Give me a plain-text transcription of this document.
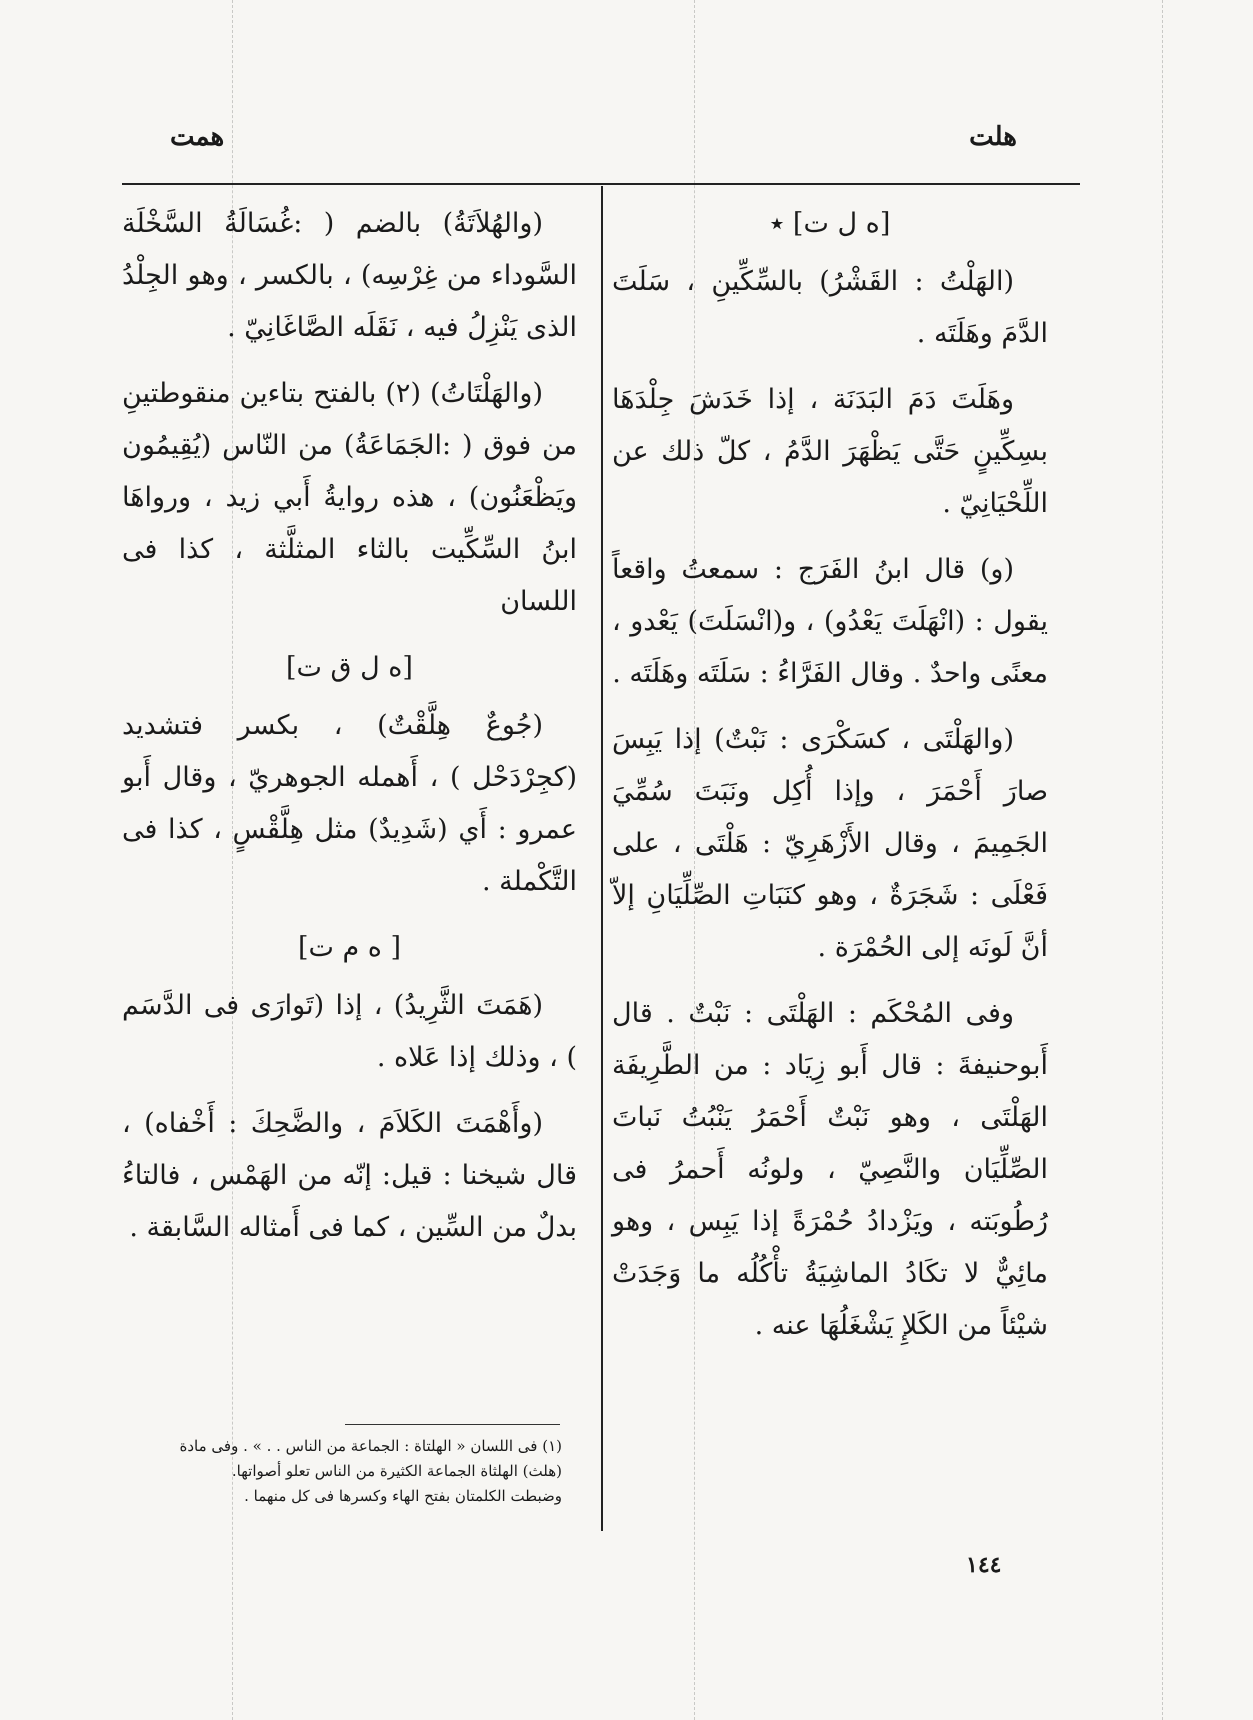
هلت
همت
[ه ل ت] ٭

(الهَلْتُ : القَشْرُ) بالسِّكِّينِ ، سَلَتَ الدَّمَ وهَلَتَه .

وهَلَتَ دَمَ البَدَنَة ، إذا خَدَشَ جِلْدَهَا بسِكِّينٍ حَتَّى يَظْهَرَ الدَّمُ ، كلّ ذلك عن اللِّحْيَانِيّ .

(و) قال ابنُ الفَرَج : سمعتُ واقعاً يقول : (انْهَلَتَ يَعْدُو) ، و(انْسَلَتَ) يَعْدو ، معنًى واحدٌ . وقال الفَرَّاءُ : سَلَتَه وهَلَتَه .

(والهَلْتَى ، كسَكْرَى : نَبْتٌ) إذا يَبِسَ صارَ أَحْمَرَ ، وإذا أُكِل ونَبَتَ سُمِّيَ الجَمِيمَ ، وقال الأَزْهَرِيّ : هَلْتَى ، على فَعْلَى : شَجَرَةٌ ، وهو كنَبَاتِ الصِّلِّيَانِ إلاّ أنَّ لَونَه إلى الحُمْرَة .

وفى المُحْكَم : الهَلْتَى : نَبْتٌ . قال أَبوحنيفةَ : قال أَبو زِيَاد : من الطَّرِيفَة الهَلْتَى ، وهو نَبْتٌ أَحْمَرُ يَنْبُتُ نَباتَ الصِّلِّيَان والنَّصِيّ ، ولونُه أَحمرُ فى رُطُوبَته ، ويَزْدادُ حُمْرَةً إذا يَبِس ، وهو مائِيٌّ لا تكَادُ الماشِيَةُ تأْكُلُه ما وَجَدَتْ شيْئاً من الكَلإِ يَشْغَلُهَا عنه .

(والهُلاَتَةُ) بالضم ( :غُسَالَةُ السَّخْلَة السَّوداء من غِرْسِه) ، بالكسر ، وهو الجِلْدُ الذى يَنْزِلُ فيه ، نَقَلَه الصَّاغَانِيّ .

(والهَلْتَاتُ) (٢) بالفتح بتاءين منقوطتينِ من فوق ( :الجَمَاعَةُ) من النّاس (يُقِيمُون ويَظْعَنُون) ، هذه روايةُ أَبي زيد ، ورواهَا ابنُ السِّكِّيت بالثاء المثلَّثة ، كذا فى اللسان

[ه ل ق ت]

(جُوعٌ هِلَّقْتٌ) ، بكسر فتشديد (كجِرْدَحْل ) ، أَهمله الجوهريّ ، وقال أَبو عمرو : أَي (شَدِيدٌ) مثل هِلَّقْسٍ ، كذا فى التَّكْملة .

[ ه م ت]

(هَمَتَ الثَّرِيدُ) ، إذا (تَوارَى فى الدَّسَم ) ، وذلك إذا عَلاه .

(وأَهْمَتَ الكَلاَمَ ، والضَّحِكَ : أَخْفاه) ، قال شيخنا : قيل: إنّه من الهَمْس ، فالتاءُ بدلٌ من السِّين ، كما فى أَمثاله السَّابقة .

(١) فى اللسان « الهلتاة : الجماعة من الناس . . » . وفى مادة

(هلث) الهلثاة الجماعة الكثيرة من الناس تعلو أصواتها.

وضبطت الكلمتان بفتح الهاء وكسرها فى كل منهما .

١٤٤
